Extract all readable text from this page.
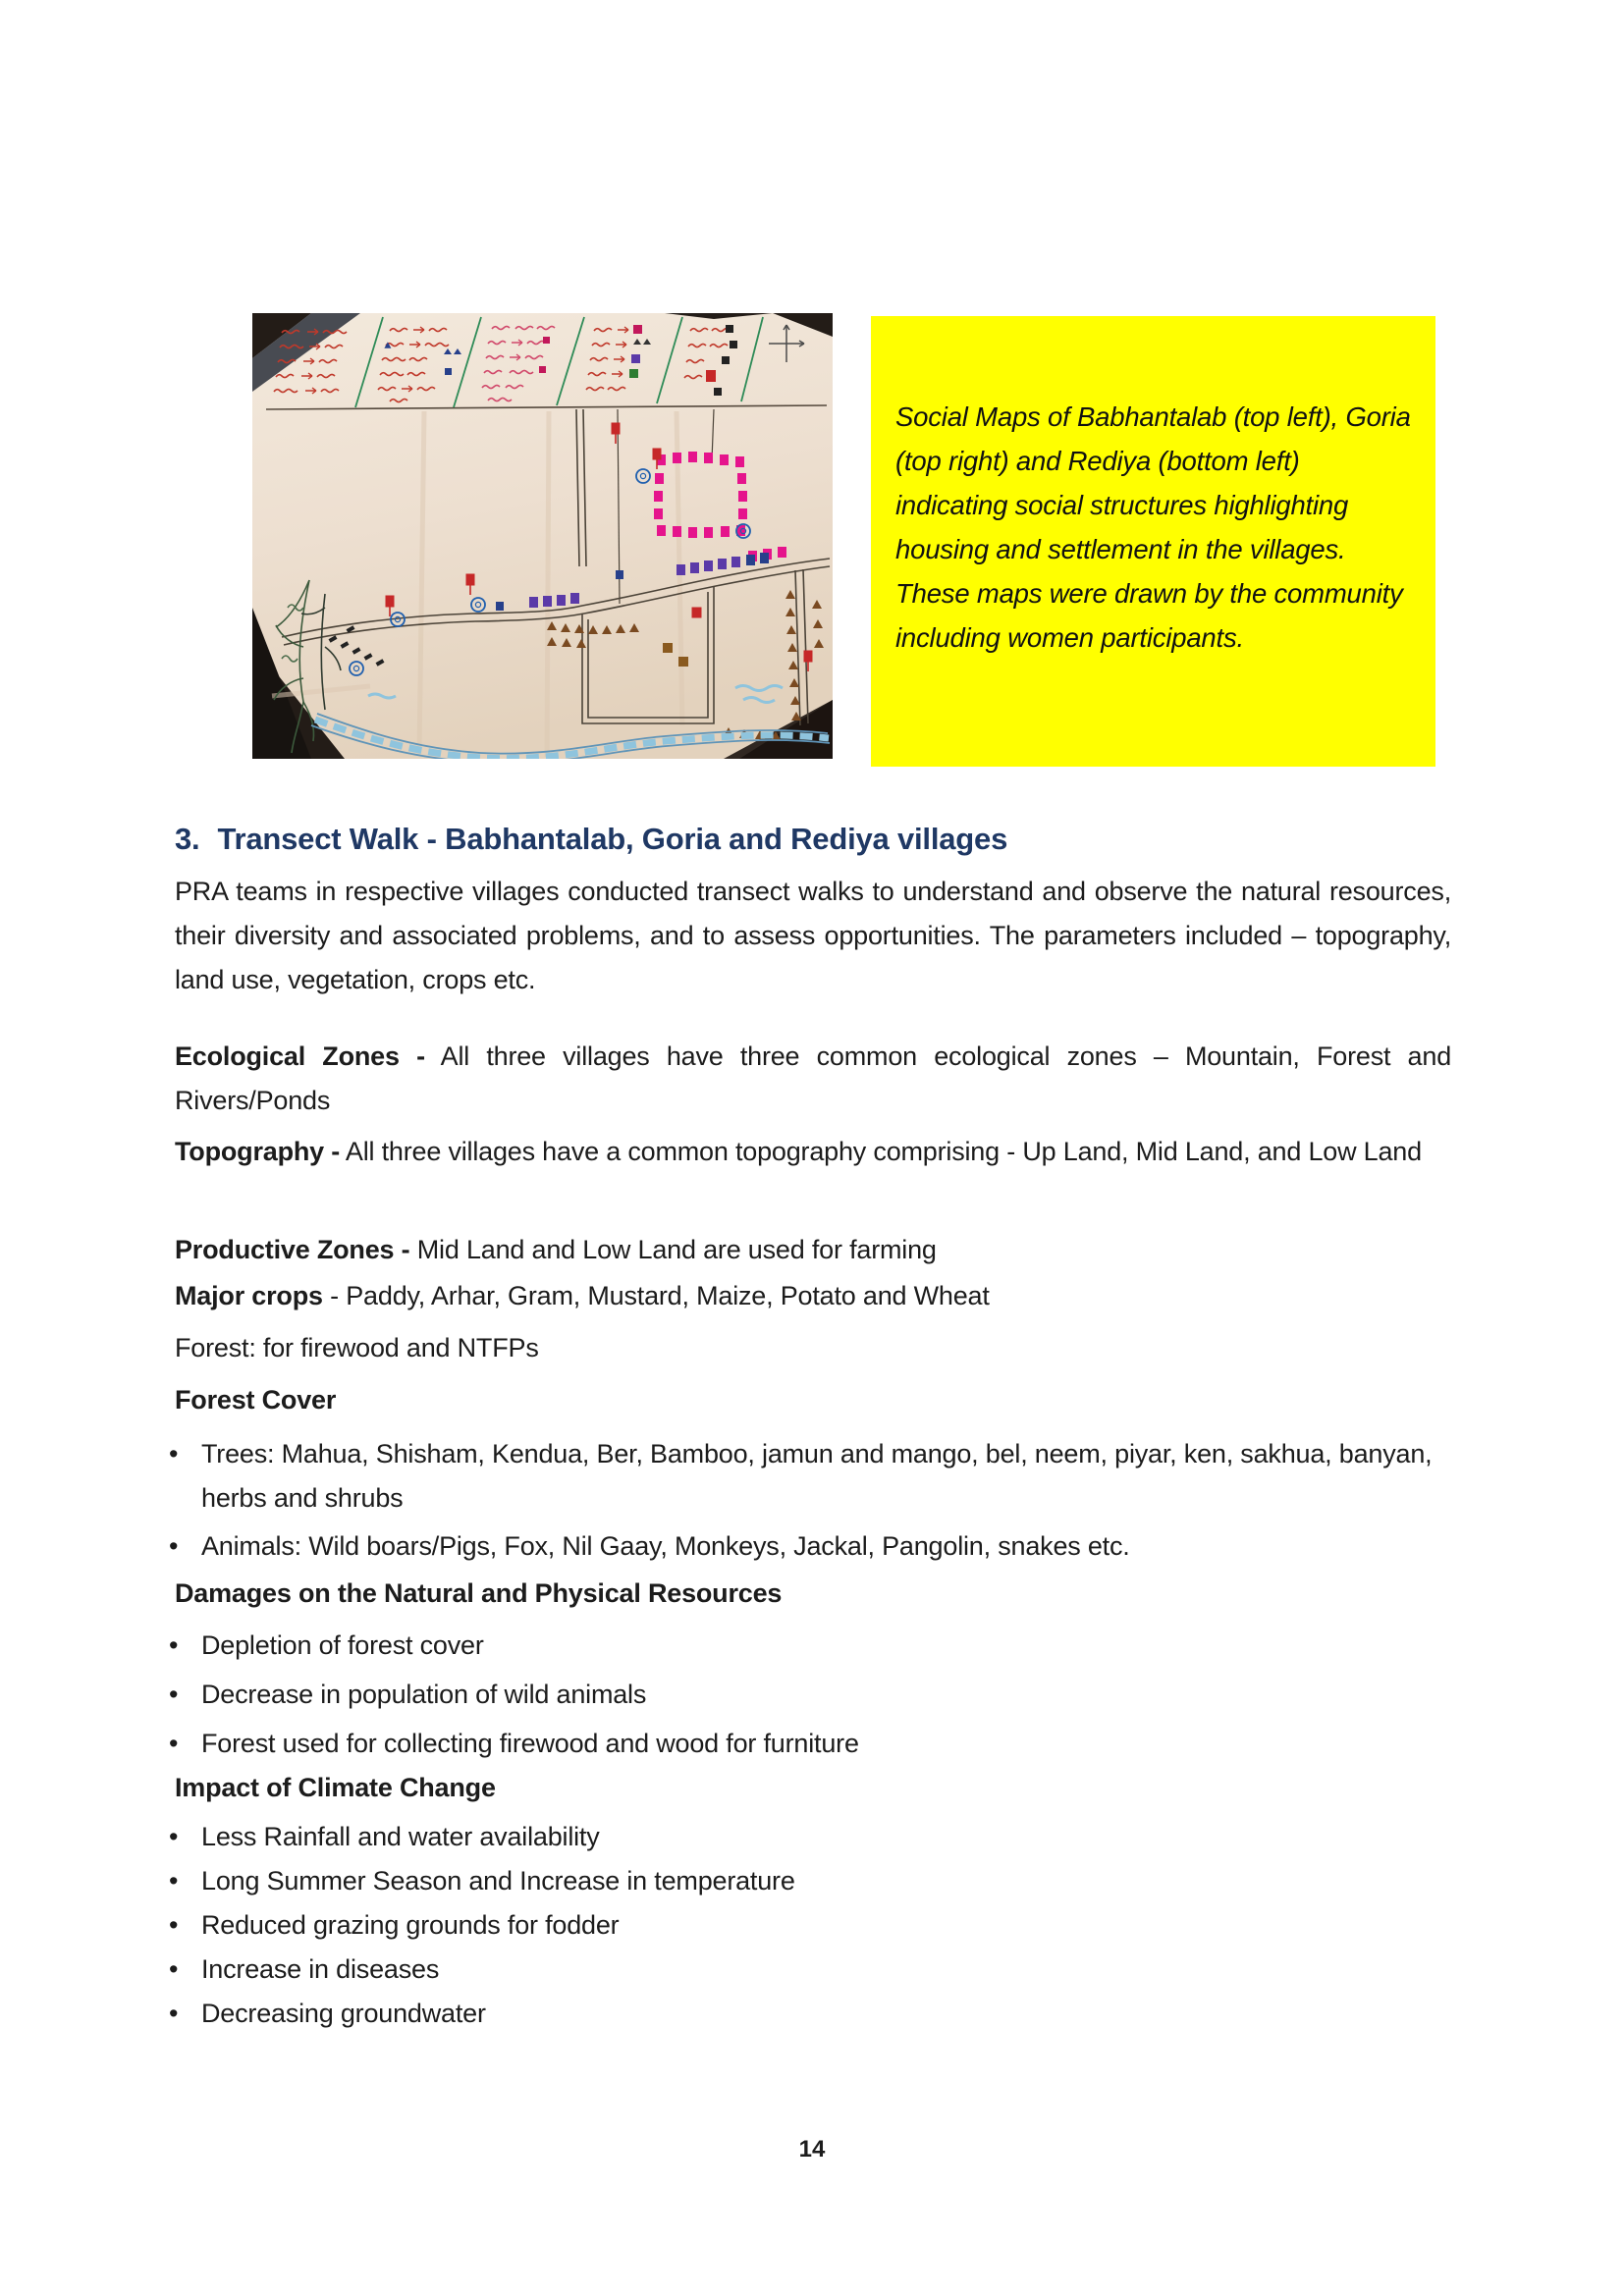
Social Maps of Babhantalab (top left), Goria (top right) and Rediya (bottom left) indicating social structures highlighting housing and settlement in the villages. These maps were drawn by the community including women participants.
3. Transect Walk - Babhantalab, Goria and Rediya villages
PRA teams in respective villages conducted transect walks to understand and observe the natural resources, their diversity and associated problems, and to assess opportunities. The parameters included – topography, land use, vegetation, crops etc.
Ecological Zones - All three villages have three common ecological zones – Mountain, Forest and Rivers/Ponds
Topography - All three villages have a common topography comprising - Up Land, Mid Land, and Low Land
Productive Zones - Mid Land and Low Land are used for farming
Major crops - Paddy, Arhar, Gram, Mustard, Maize, Potato and Wheat
Forest: for firewood and NTFPs
Forest Cover
• Trees: Mahua, Shisham, Kendua, Ber, Bamboo, jamun and mango, bel, neem, piyar, ken, sakhua, banyan, herbs and shrubs
• Animals: Wild boars/Pigs, Fox, Nil Gaay, Monkeys, Jackal, Pangolin, snakes etc.
Damages on the Natural and Physical Resources
• Depletion of forest cover
• Decrease in population of wild animals
• Forest used for collecting firewood and wood for furniture
Impact of Climate Change
• Less Rainfall and water availability
• Long Summer Season and Increase in temperature
• Reduced grazing grounds for fodder
• Increase in diseases
• Decreasing groundwater
14
